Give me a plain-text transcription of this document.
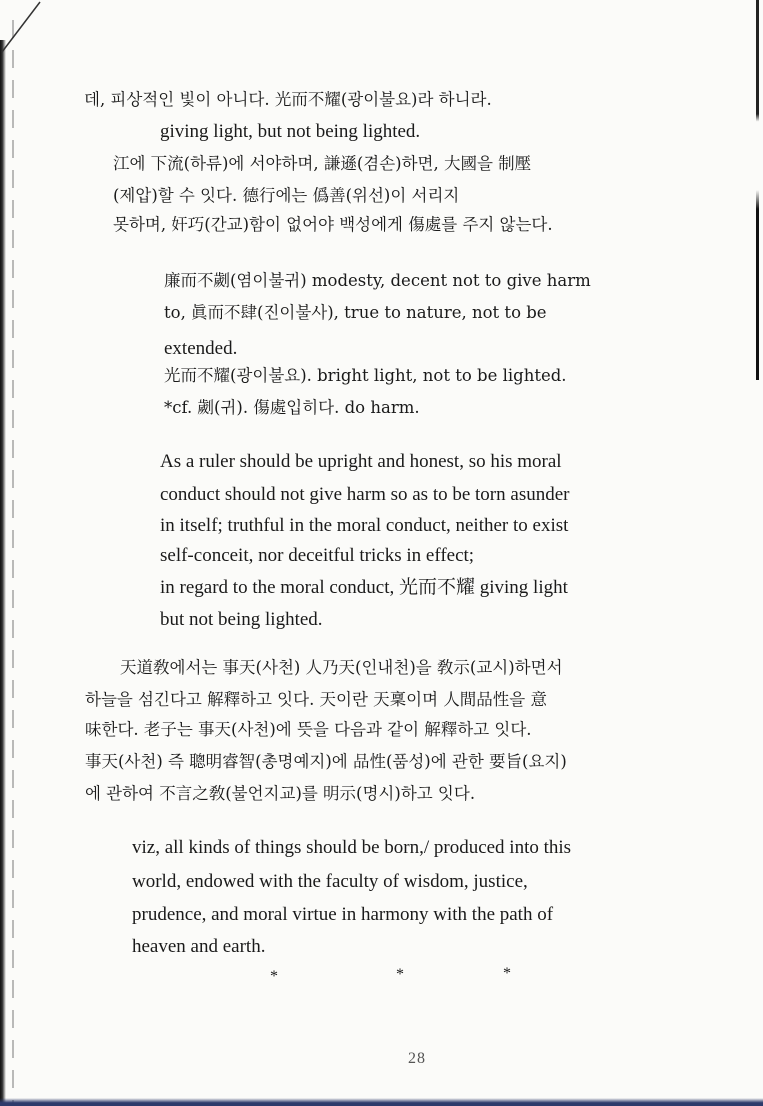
데, 피상적인 빛이 아니다. 光而不耀(광이불요)라 하니라.
giving light, but not being lighted.
江에 下流(하류)에 서야하며, 謙遜(겸손)하면, 大國을 制壓
(제압)할 수 잇다. 德行에는 僞善(위선)이 서리지
못하며, 奸巧(간교)함이 없어야 백성에게 傷處를 주지 않는다.
廉而不劌(염이불귀) modesty, decent not to give harm
to, 眞而不肆(진이불사), true to nature, not to be
extended.
光而不耀(광이불요). bright light, not to be lighted.
*cf. 劌(귀). 傷處입히다. do harm.
As a ruler should be upright and honest, so his moral
conduct should not give harm so as to be torn asunder
in itself; truthful in the moral conduct, neither to exist
self-conceit, nor deceitful tricks in effect;
in regard to the moral conduct, 光而不耀 giving light
but not being lighted.
天道敎에서는 事天(사천) 人乃天(인내천)을 敎示(교시)하면서
하늘을 섬긴다고 解釋하고 잇다. 天이란 天稟이며 人間品性을 意
味한다. 老子는 事天(사천)에 뜻을 다음과 같이 解釋하고 잇다.
事天(사천) 즉 聰明睿智(총명예지)에 品性(품성)에 관한 要旨(요지)
에 관하여 不言之敎(불언지교)를 明示(명시)하고 잇다.
viz, all kinds of things should be born,/ produced into this
world, endowed with the faculty of wisdom, justice,
prudence, and moral virtue in harmony with the path of
heaven and earth.
*	*	*
28
